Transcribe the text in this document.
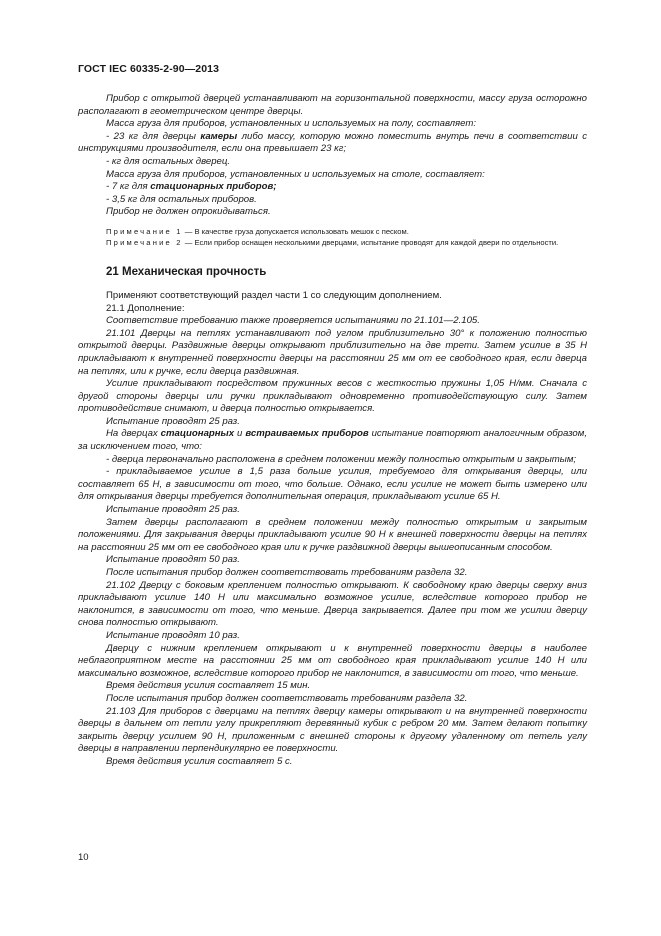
ГОСТ IEC 60335-2-90—2013

Прибор с открытой дверцей устанавливают на горизонтальной поверхности, массу груза осторожно располагают в геометрическом центре дверцы.

Масса груза для приборов, установленных и используемых на полу, составляет:

- 23 кг для дверцы камеры либо массу, которую можно поместить внутрь печи в соответствии с инструкциями производителя, если она превышает 23 кг;

- кг для остальных дверец.

Масса груза для приборов, установленных и используемых на столе, составляет:

- 7 кг для стационарных приборов;

- 3,5 кг для остальных приборов.

Прибор не должен опрокидываться.

Примечание 1 — В качестве груза допускается использовать мешок с песком.

Примечание 2 — Если прибор оснащен несколькими дверцами, испытание проводят для каждой двери по отдельности.

21 Механическая прочность

Применяют соответствующий раздел части 1 со следующим дополнением.

21.1 Дополнение:

Соответствие требованию также проверяется испытаниями по 21.101—2.105.

21.101 Дверцы на петлях устанавливают под углом приблизительно 30° к положению полностью открытой дверцы. Раздвижные дверцы открывают приблизительно на две трети. Затем усилие в 35 Н прикладывают к внутренней поверхности дверцы на расстоянии 25 мм от ее свободного края, если дверца на петлях, или к ручке, если дверца раздвижная.

Усилие прикладывают посредством пружинных весов с жесткостью пружины 1,05 Н/мм. Сначала с другой стороны дверцы или ручки прикладывают одновременно противодействующую силу. Затем противодействие снимают, и дверца полностью открывается.

Испытание проводят 25 раз.

На дверцах стационарных и встраиваемых приборов испытание повторяют аналогичным образом, за исключением того, что:

- дверца первоначально расположена в среднем положении между полностью открытым и закрытым;

- прикладываемое усилие в 1,5 раза больше усилия, требуемого для открывания дверцы, или составляет 65 Н, в зависимости от того, что больше. Однако, если усилие не может быть измерено или для открывания дверцы требуется дополнительная операция, прикладывают усилие 65 Н.

Испытание проводят 25 раз.

Затем дверцы располагают в среднем положении между полностью открытым и закрытым положениями. Для закрывания дверцы прикладывают усилие 90 Н к внешней поверхности дверцы на петлях на расстоянии 25 мм от ее свободного края или к ручке раздвижной дверцы вышеописанным способом.

Испытание проводят 50 раз.

После испытания прибор должен соответствовать требованиям раздела 32.

21.102 Дверцу с боковым креплением полностью открывают. К свободному краю дверцы сверху вниз прикладывают усилие 140 Н или максимально возможное усилие, вследствие которого прибор не наклонится, в зависимости от того, что меньше. Дверца закрывается. Далее при том же усилии дверцу снова полностью открывают.

Испытание проводят 10 раз.

Дверцу с нижним креплением открывают и к внутренней поверхности дверцы в наиболее неблагоприятном месте на расстоянии 25 мм от свободного края прикладывают усилие 140 Н или максимально возможное, вследствие которого прибор не наклонится, в зависимости от того, что меньше.

Время действия усилия составляет 15 мин.

После испытания прибор должен соответствовать требованиям раздела 32.

21.103 Для приборов с дверцами на петлях дверцу камеры открывают и на внутренней поверхности дверцы в дальнем от петли углу прикрепляют деревянный кубик с ребром 20 мм. Затем делают попытку закрыть дверцу усилием 90 Н, приложенным с внешней стороны к другому удаленному от петель углу дверцы в направлении перпендикулярно ее поверхности.

Время действия усилия составляет 5 с.

10
